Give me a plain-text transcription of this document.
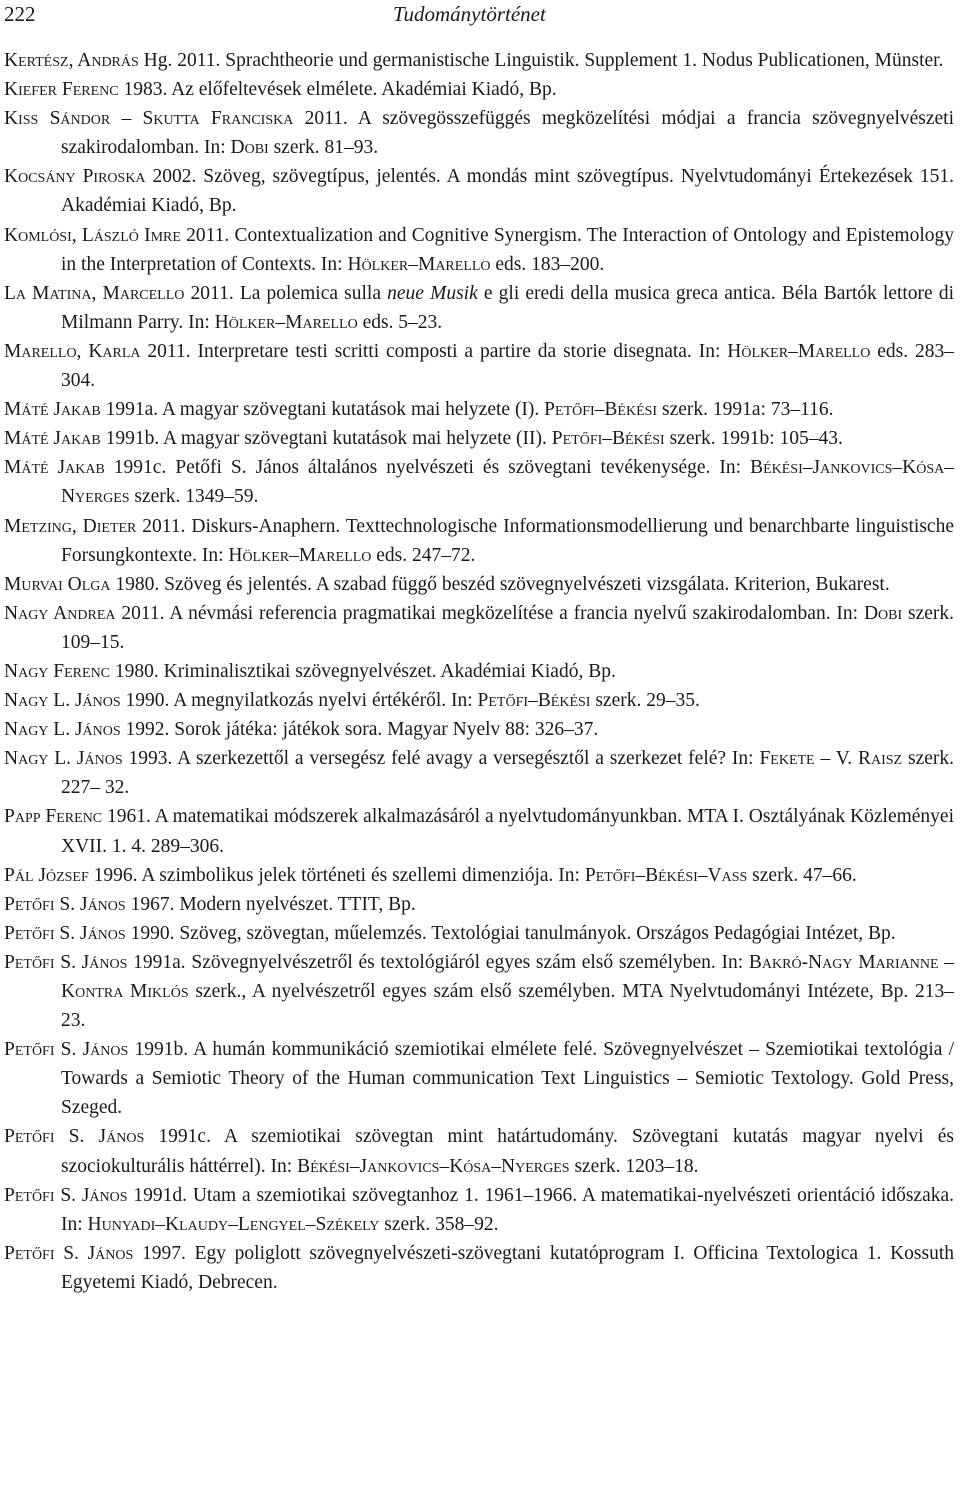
222	Tudománytörténet
Kertész, András Hg. 2011. Sprachtheorie und germanistische Linguistik. Supplement 1. Nodus Publicationen, Münster.
Kiefer Ferenc 1983. Az előfeltevések elmélete. Akadémiai Kiadó, Bp.
Kiss Sándor – Skutta Franciska 2011. A szövegösszefüggés megközelítési módjai a francia szövegnyelvészeti szakirodalomban. In: Dobi szerk. 81–93.
Kocsány Piroska 2002. Szöveg, szövegtípus, jelentés. A mondás mint szövegtípus. Nyelvtudományi Értekezések 151. Akadémiai Kiadó, Bp.
Komlósi, László Imre 2011. Contextualization and Cognitive Synergism. The Interaction of Ontology and Epistemology in the Interpretation of Contexts. In: Hölker–Marello eds. 183–200.
La Matina, Marcello 2011. La polemica sulla neue Musik e gli eredi della musica greca antica. Béla Bartók lettore di Milmann Parry. In: Hölker–Marello eds. 5–23.
Marello, Karla 2011. Interpretare testi scritti composti a partire da storie disegnata. In: Hölker–Marello eds. 283–304.
Máté Jakab 1991a. A magyar szövegtani kutatások mai helyzete (I). Petőfi–Békési szerk. 1991a: 73–116.
Máté Jakab 1991b. A magyar szövegtani kutatások mai helyzete (II). Petőfi–Békési szerk. 1991b: 105–43.
Máté Jakab 1991c. Petőfi S. János általános nyelvészeti és szövegtani tevékenysége. In: Békési–Jankovics–Kósa–Nyerges szerk. 1349–59.
Metzing, Dieter 2011. Diskurs-Anaphern. Texttechnologische Informationsmodellierung und benarchbarte linguistische Forsungkontexte. In: Hölker–Marello eds. 247–72.
Murvai Olga 1980. Szöveg és jelentés. A szabad függő beszéd szövegnyelvészeti vizsgálata. Kriterion, Bukarest.
Nagy Andrea 2011. A névmási referencia pragmatikai megközelítése a francia nyelvű szakirodalomban. In: Dobi szerk. 109–15.
Nagy Ferenc 1980. Kriminalisztikai szövegnyelvészet. Akadémiai Kiadó, Bp.
Nagy L. János 1990. A megnyilatkozás nyelvi értékéről. In: Petőfi–Békési szerk. 29–35.
Nagy L. János 1992. Sorok játéka: játékok sora. Magyar Nyelv 88: 326–37.
Nagy L. János 1993. A szerkezettől a versegész felé avagy a versegésztől a szerkezet felé? In: Fekete – V. Raisz szerk. 227– 32.
Papp Ferenc 1961. A matematikai módszerek alkalmazásáról a nyelvtudományunkban. MTA I. Osztályának Közleményei XVII. 1. 4. 289–306.
Pál József 1996. A szimbolikus jelek történeti és szellemi dimenziója. In: Petőfi–Békési–Vass szerk. 47–66.
Petőfi S. János 1967. Modern nyelvészet. TTIT, Bp.
Petőfi S. János 1990. Szöveg, szövegtan, műelemzés. Textológiai tanulmányok. Országos Pedagógiai Intézet, Bp.
Petőfi S. János 1991a. Szövegnyelvészetről és textológiáról egyes szám első személyben. In: Bakró-Nagy Marianne – Kontra Miklós szerk., A nyelvészetről egyes szám első személyben. MTA Nyelvtudományi Intézete, Bp. 213–23.
Petőfi S. János 1991b. A humán kommunikáció szemiotikai elmélete felé. Szövegnyelvészet – Szemiotikai textológia / Towards a Semiotic Theory of the Human communication Text Linguistics – Semiotic Textology. Gold Press, Szeged.
Petőfi S. János 1991c. A szemiotikai szövegtan mint határtudomány. Szövegtani kutatás magyar nyelvi és szociokulturális háttérrel). In: Békési–Jankovics–Kósa–Nyerges szerk. 1203–18.
Petőfi S. János 1991d. Utam a szemiotikai szövegtanhoz 1. 1961–1966. A matematikai-nyelvészeti orientáció időszaka. In: Hunyadi–Klaudy–Lengyel–Székely szerk. 358–92.
Petőfi S. János 1997. Egy poliglott szövegnyelvészeti-szövegtani kutatóprogram I. Officina Textologica 1. Kossuth Egyetemi Kiadó, Debrecen.
